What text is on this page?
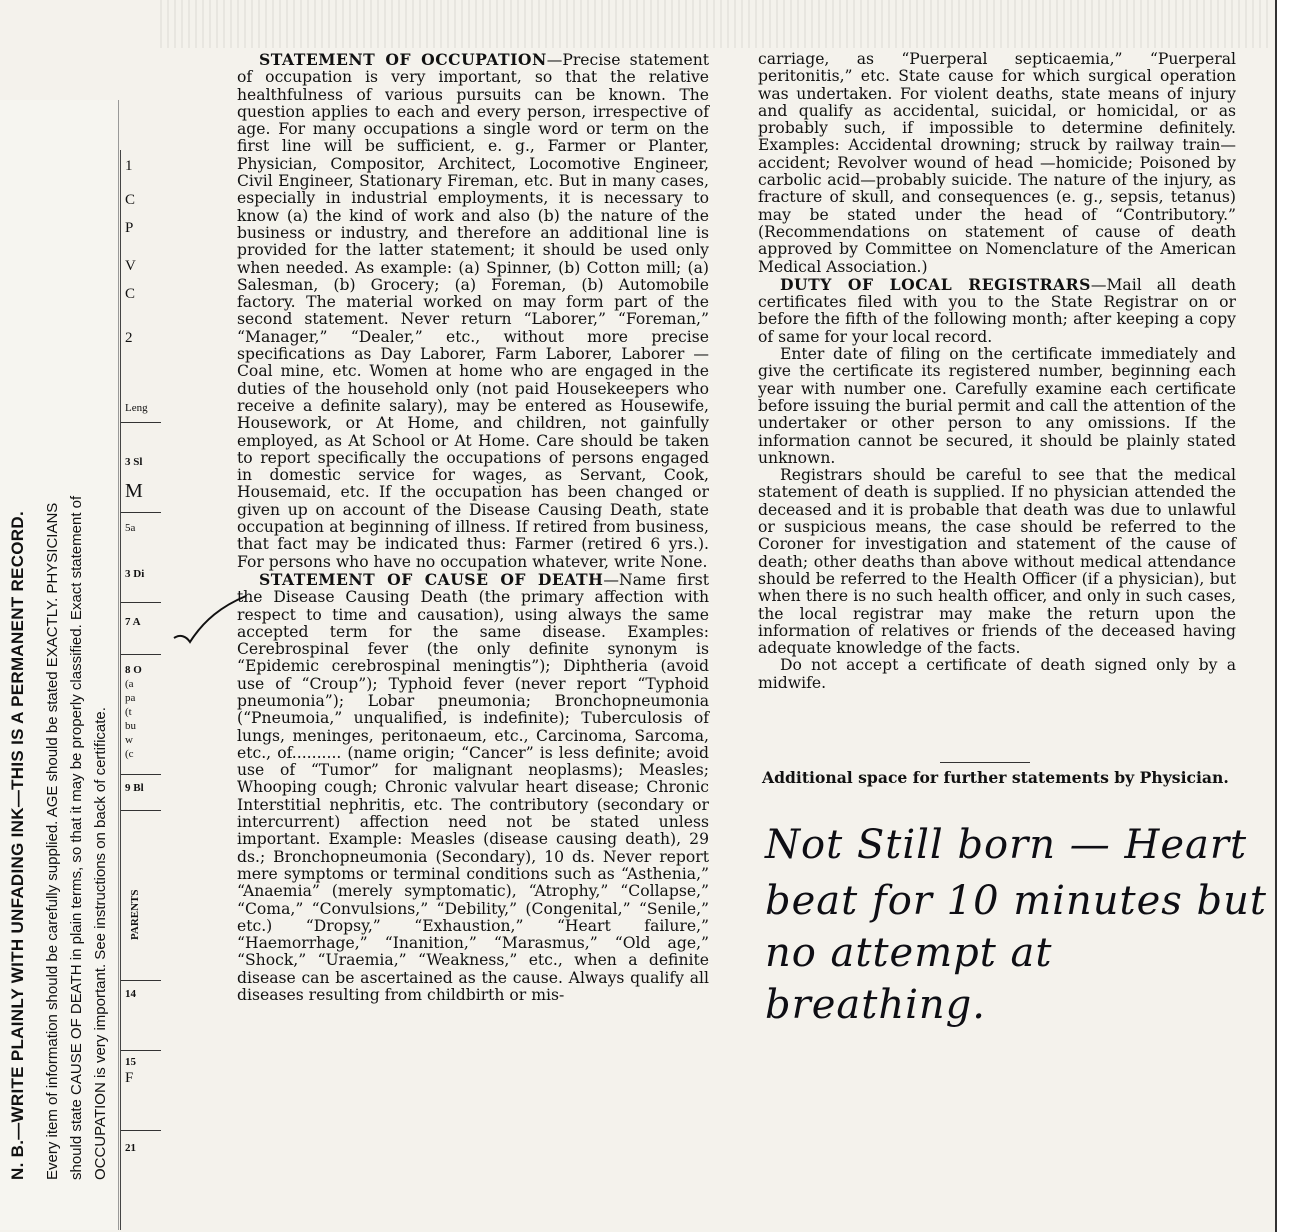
N. B.—WRITE PLAINLY WITH UNFADING INK—THIS IS A PERMANENT RECORD. Every item of information should be carefully supplied. AGE should be stated EXACTLY. PHYSICIANS should state CAUSE OF DEATH in plain terms, so that it may be properly classified. Exact statement of OCCUPATION is very important. See instructions on back of certificate.
1
C
P
V
C
2
Leng
3 Sl
M
5a
3 Di
7 A
8 O
(a
pa
(t
bu
w
(c
9 Bl
PARENTS
14
15
F
21

STATEMENT OF OCCUPATION—Precise statement of occupation is very important, so that the relative healthfulness of various pursuits can be known. The question applies to each and every person, irrespective of age. For many occupations a single word or term on the first line will be sufficient, e. g., Farmer or Planter, Physician, Compositor, Architect, Locomotive Engineer, Civil Engineer, Stationary Fireman, etc. But in many cases, especially in industrial employments, it is necessary to know (a) the kind of work and also (b) the nature of the business or industry, and therefore an additional line is provided for the latter statement; it should be used only when needed. As example: (a) Spinner, (b) Cotton mill; (a) Salesman, (b) Grocery; (a) Foreman, (b) Automobile factory. The material worked on may form part of the second statement. Never return “Laborer,” “Foreman,” “Manager,” “Dealer,” etc., without more precise specifications as Day Laborer, Farm Laborer, Laborer — Coal mine, etc. Women at home who are engaged in the duties of the household only (not paid Housekeepers who receive a definite salary), may be entered as Housewife, Housework, or At Home, and children, not gainfully employed, as At School or At Home. Care should be taken to report specifically the occupations of persons engaged in domestic service for wages, as Servant, Cook, Housemaid, etc. If the occupation has been changed or given up on account of the Disease Causing Death, state occupation at beginning of illness. If retired from business, that fact may be indicated thus: Farmer (retired 6 yrs.). For persons who have no occupation whatever, write None.

STATEMENT OF CAUSE OF DEATH—Name first the Disease Causing Death (the primary affection with respect to time and causation), using always the same accepted term for the same disease. Examples: Cerebrospinal fever (the only definite synonym is “Epidemic cerebrospinal meningtis”); Diphtheria (avoid use of “Croup”); Typhoid fever (never report “Typhoid pneumonia”); Lobar pneumonia; Bronchopneumonia (“Pneumoia,” unqualified, is indefinite); Tuberculosis of lungs, meninges, peritonaeum, etc., Carcinoma, Sarcoma, etc., of.......... (name origin; “Cancer” is less definite; avoid use of “Tumor” for malignant neoplasms); Measles; Whooping cough; Chronic valvular heart disease; Chronic Interstitial nephritis, etc. The contributory (secondary or intercurrent) affection need not be stated unless important. Example: Measles (disease causing death), 29 ds.; Bronchopneumonia (Secondary), 10 ds. Never report mere symptoms or terminal conditions such as “Asthenia,” “Anaemia” (merely symptomatic), “Atrophy,” “Collapse,” “Coma,” “Convulsions,” “Debility,” (Congenital,” “Senile,” etc.) “Dropsy,” “Exhaustion,” “Heart failure,” “Haemorrhage,” “Inanition,” “Marasmus,” “Old age,” “Shock,” “Uraemia,” “Weakness,” etc., when a definite disease can be ascertained as the cause. Always qualify all diseases resulting from childbirth or mis-

carriage, as “Puerperal septicaemia,” “Puerperal peritonitis,” etc. State cause for which surgical operation was undertaken. For violent deaths, state means of injury and qualify as accidental, suicidal, or homicidal, or as probably such, if impossible to determine definitely. Examples: Accidental drowning; struck by railway train—accident; Revolver wound of head —homicide; Poisoned by carbolic acid—probably suicide. The nature of the injury, as fracture of skull, and consequences (e. g., sepsis, tetanus) may be stated under the head of “Contributory.” (Recommendations on statement of cause of death approved by Committee on Nomenclature of the American Medical Association.)

DUTY OF LOCAL REGISTRARS—Mail all death certificates filed with you to the State Registrar on or before the fifth of the following month; after keeping a copy of same for your local record.

Enter date of filing on the certificate immediately and give the certificate its registered number, beginning each year with number one. Carefully examine each certificate before issuing the burial permit and call the attention of the undertaker or other person to any omissions. If the information cannot be secured, it should be plainly stated unknown.

Registrars should be careful to see that the medical statement of death is supplied. If no physician attended the deceased and it is probable that death was due to unlawful or suspicious means, the case should be referred to the Coroner for investigation and statement of the cause of death; other deaths than above without medical attendance should be referred to the Health Officer (if a physician), but when there is no such health officer, and only in such cases, the local registrar may make the return upon the information of relatives or friends of the deceased having adequate knowledge of the facts.

Do not accept a certificate of death signed only by a midwife.

Additional space for further statements by Physician.
Not Still born — Heart
beat for 10 minutes but
no attempt at
breathing.
